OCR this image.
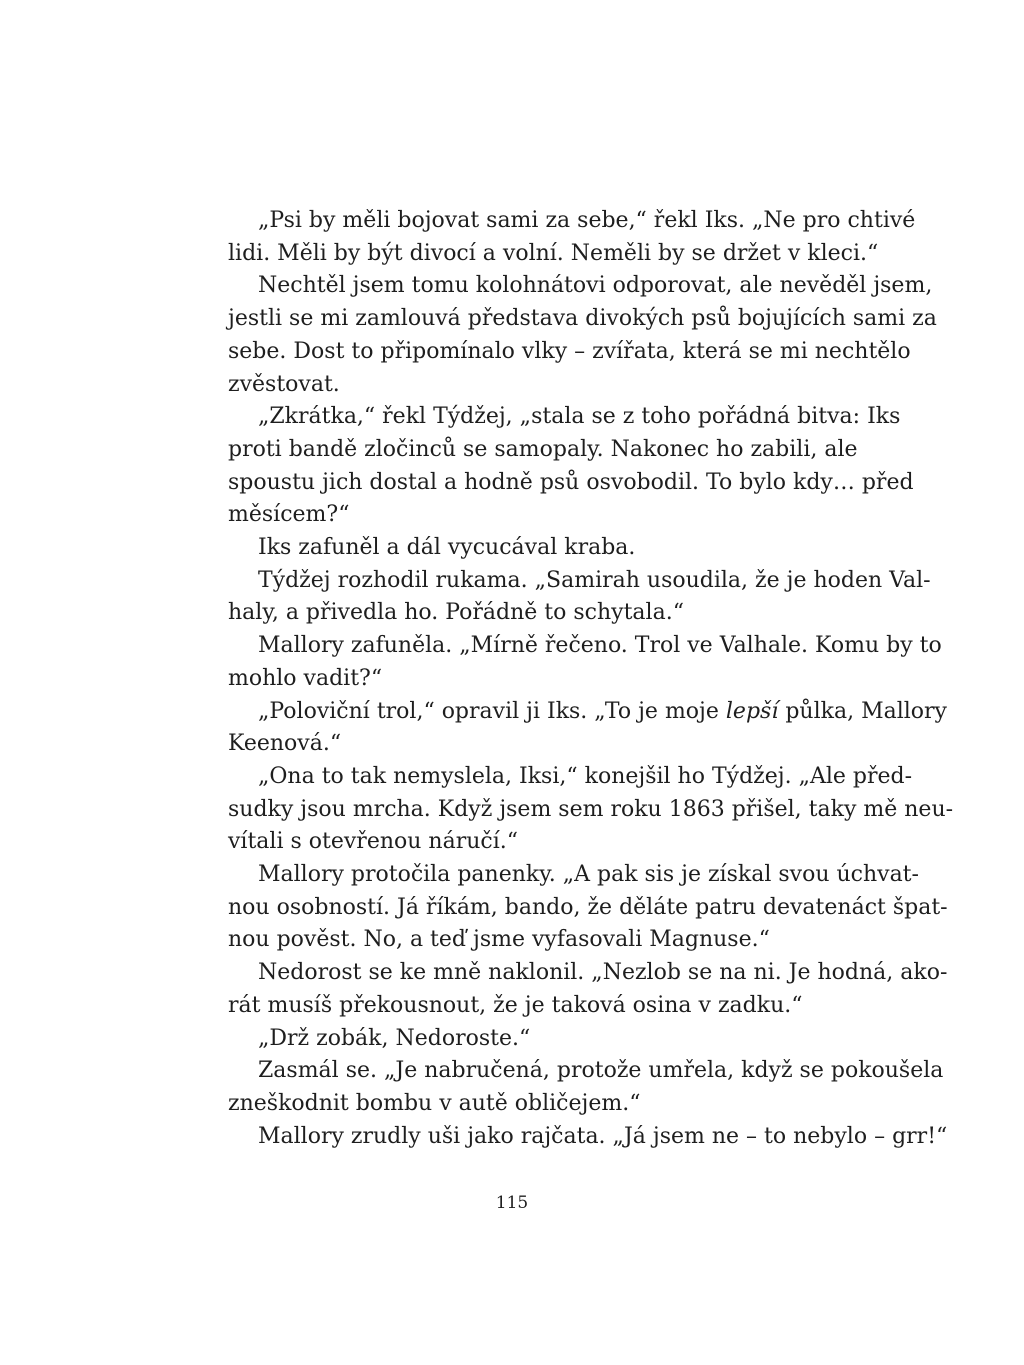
„Psi by měli bojovat sami za sebe,“ řekl Iks. „Ne pro chtivé
lidi. Měli by být divocí a volní. Neměli by se držet v kleci.“
Nechtěl jsem tomu kolohnátovi odporovat, ale nevěděl jsem,
jestli se mi zamlouvá představa divokých psů bojujících sami za
sebe. Dost to připomínalo vlky – zvířata, která se mi nechtělo
zvěstovat.
„Zkrátka,“ řekl Týdžej, „stala se z toho pořádná bitva: Iks
proti bandě zločinců se samopaly. Nakonec ho zabili, ale
spoustu jich dostal a hodně psů osvobodil. To bylo kdy… před
měsícem?“
Iks zafuněl a dál vycucával kraba.
Týdžej rozhodil rukama. „Samirah usoudila, že je hoden Val-
haly, a přivedla ho. Pořádně to schytala.“
Mallory zafuněla. „Mírně řečeno. Trol ve Valhale. Komu by to
mohlo vadit?“
„Poloviční trol,“ opravil ji Iks. „To je moje lepší půlka, Mallory
Keenová.“
„Ona to tak nemyslela, Iksi,“ konejšil ho Týdžej. „Ale před-
sudky jsou mrcha. Když jsem sem roku 1863 přišel, taky mě neu-
vítali s otevřenou náručí.“
Mallory protočila panenky. „A pak sis je získal svou úchvat-
nou osobností. Já říkám, bando, že děláte patru devatenáct špat-
nou pověst. No, a teď jsme vyfasovali Magnuse.“
Nedorost se ke mně naklonil. „Nezlob se na ni. Je hodná, ako-
rát musíš překousnout, že je taková osina v zadku.“
„Drž zobák, Nedoroste.“
Zasmál se. „Je nabručená, protože umřela, když se pokoušela
zneškodnit bombu v autě obličejem.“
Mallory zrudly uši jako rajčata. „Já jsem ne – to nebylo – grr!“
115
